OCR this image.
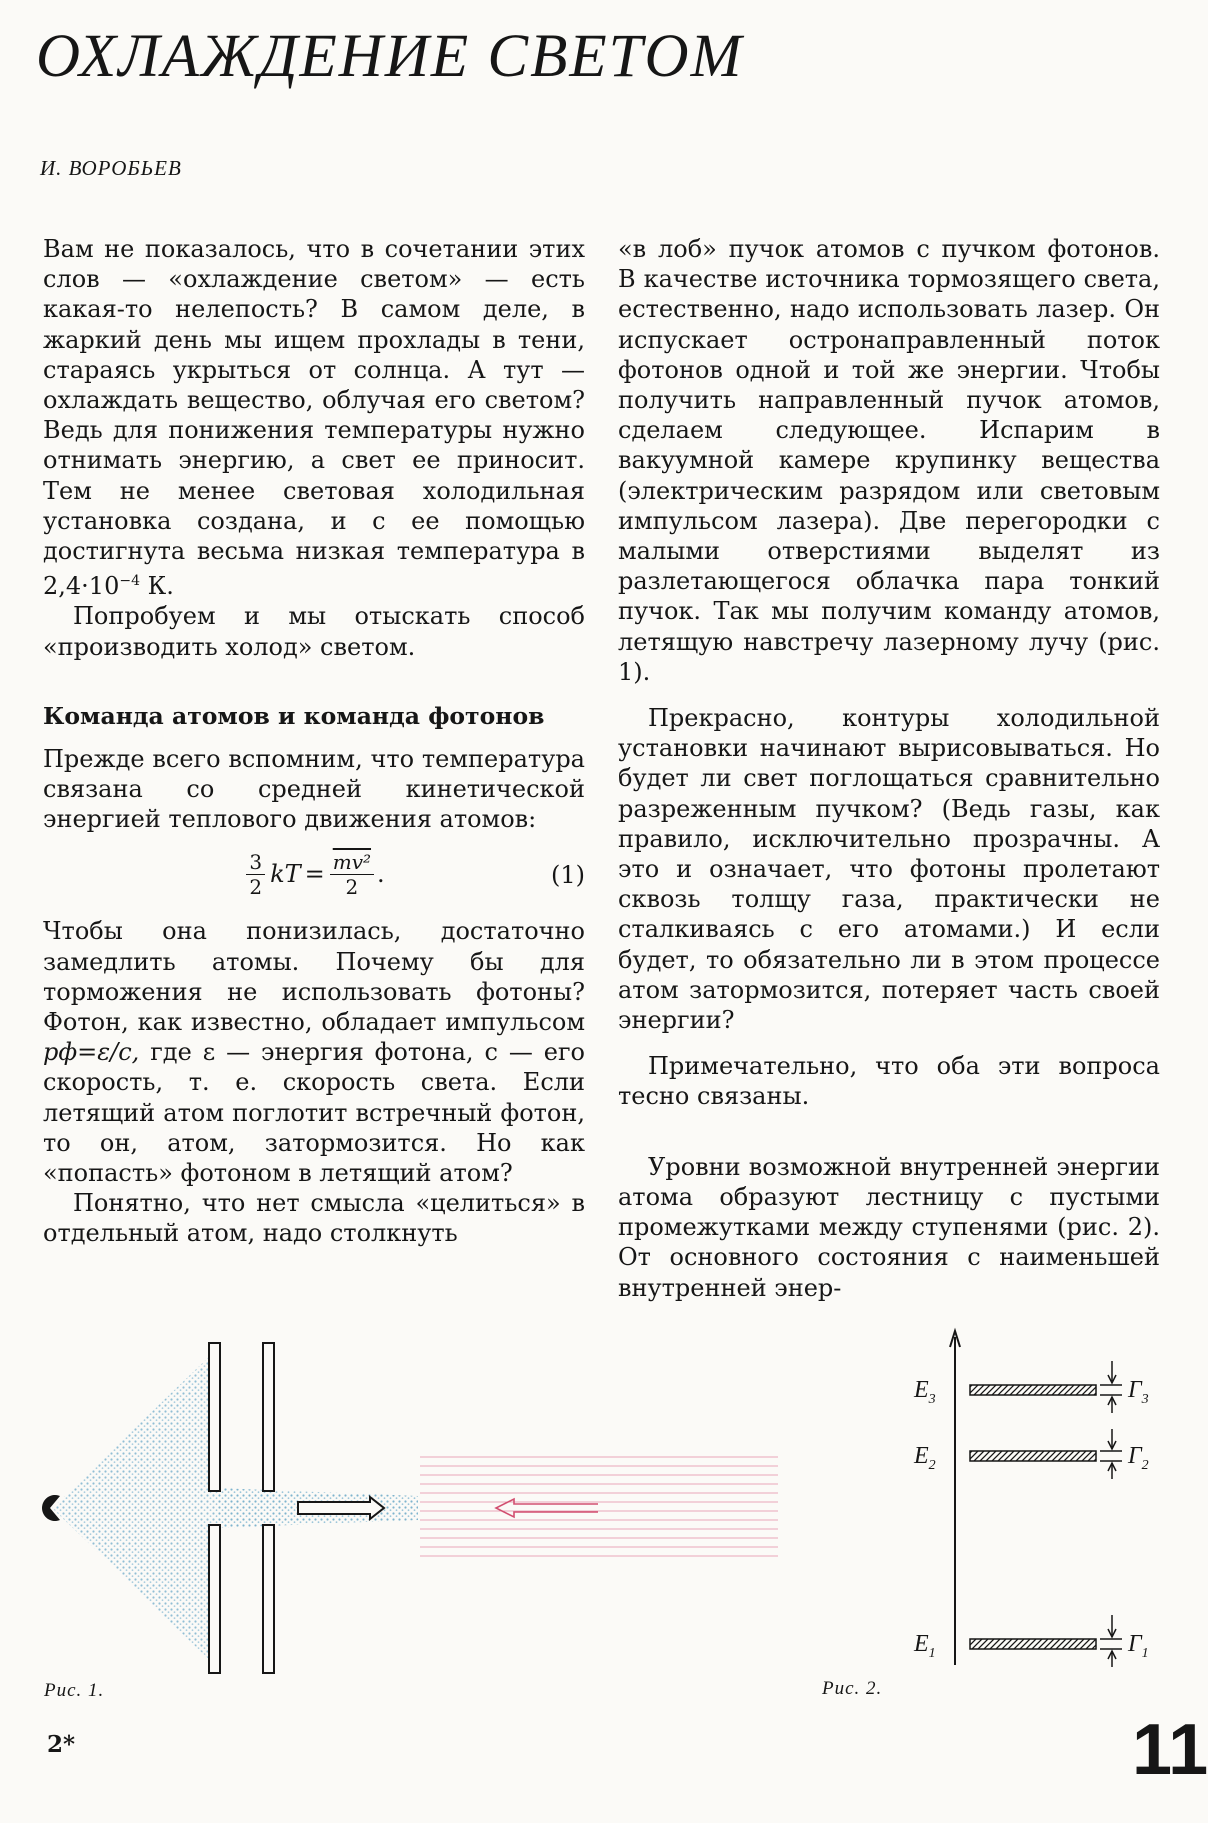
ОХЛАЖДЕНИЕ СВЕТОМ
И. ВОРОБЬЕВ

Вам не показалось, что в сочетании этих слов — «охлаждение светом» — есть какая-то нелепость? В самом деле, в жаркий день мы ищем прохлады в тени, стараясь укрыться от солнца. А тут — охлаждать вещество, облучая его светом? Ведь для понижения температуры нужно отнимать энергию, а свет ее приносит. Тем не менее световая холодильная установка создана, и с ее помощью достигнута весьма низкая температура в $2,4\cdot 10^{-4}$ К.

Попробуем и мы отыскать способ «производить холод» светом.

Команда атомов и команда фотонов

Прежде всего вспомним, что температура связана со средней кинетической энергией теплового движения атомов:

$\frac{3}{2}$ kT = $\frac{\text{mv²}}{2}$ .	(1)

Чтобы она понизилась, достаточно замедлить атомы. Почему бы для торможения не использовать фотоны? Фотон, как известно, обладает импульсом pф=ε/c, где ε — энергия фотона, c — его скорость, т. е. скорость света. Если летящий атом поглотит встречный фотон, то он, атом, затормозится. Но как «попасть» фотоном в летящий атом?

Понятно, что нет смысла «целиться» в отдельный атом, надо столкнуть

«в лоб» пучок атомов с пучком фотонов. В качестве источника тормозящего света, естественно, надо использовать лазер. Он испускает остронаправленный поток фотонов одной и той же энергии. Чтобы получить направленный пучок атомов, сделаем следующее. Испарим в вакуумной камере крупинку вещества (электрическим разрядом или световым импульсом лазера). Две перегородки с малыми отверстиями выделят из разлетающегося облачка пара тонкий пучок. Так мы получим команду атомов, летящую навстречу лазерному лучу (рис. 1).

Прекрасно, контуры холодильной установки начинают вырисовываться. Но будет ли свет поглощаться сравнительно разреженным пучком? (Ведь газы, как правило, исключительно прозрачны. А это и означает, что фотоны пролетают сквозь толщу газа, практически не сталкиваясь с его атомами.) И если будет, то обязательно ли в этом процессе атом затормозится, потеряет часть своей энергии?

Примечательно, что оба эти вопроса тесно связаны.

Уровни возможной внутренней энергии атома образуют лестницу с пустыми промежутками между ступенями (рис. 2). От основного состояния с наименьшей внутренней энер-

Рис. 1.
$E_3$
$E_2$
$E_1$
$Г_3$
$Г_2$
$Г_1$
Рис. 2.
2*	11
